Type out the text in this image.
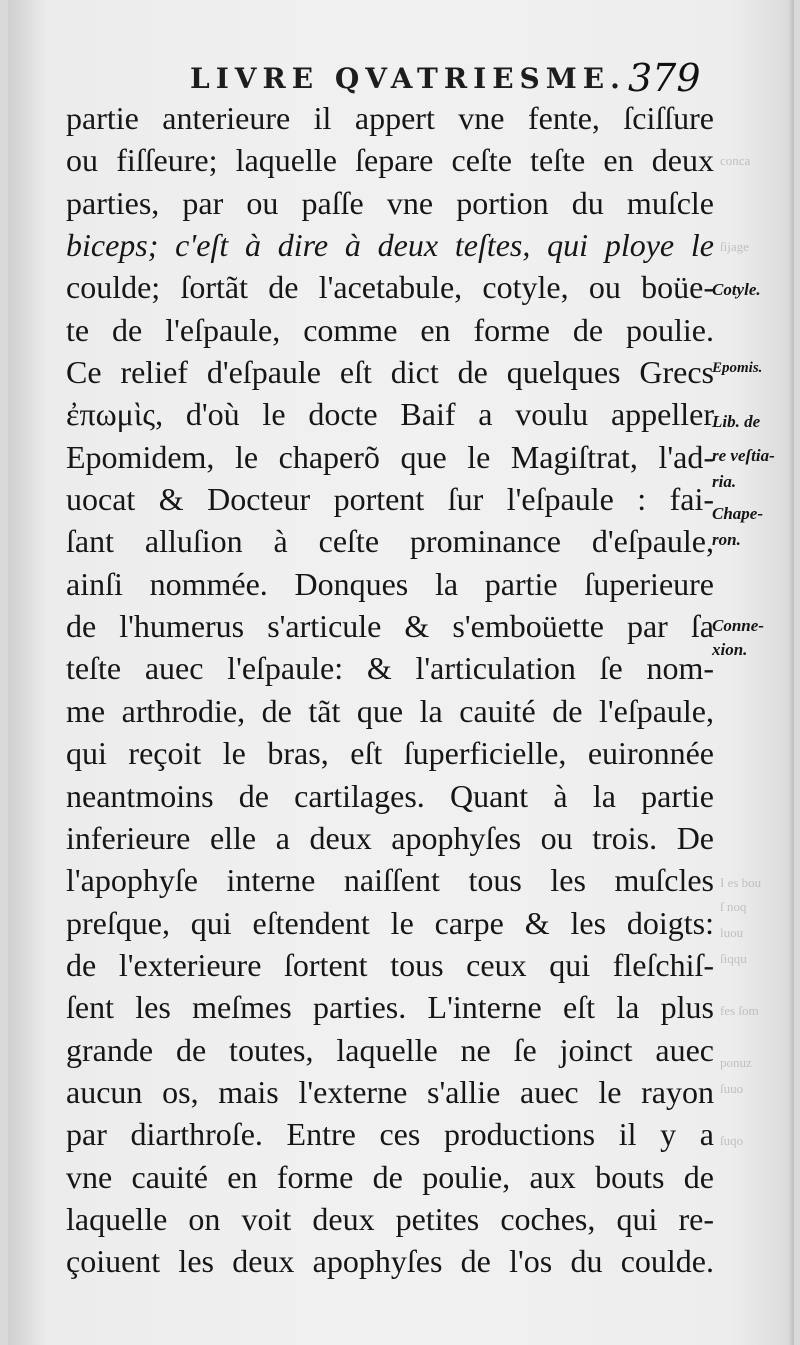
LIVRE QVATRIESME. 379
partie anterieure il appert vne fente, ſciſſure
ou fiſſeure; laquelle ſepare ceſte teſte en deux
parties, par ou paſſe vne portion du muſcle
biceps; c'eſt à dire à deux teſtes, qui ploye le
coulde; ſortãt de l'acetabule, cotyle, ou boüe-
te de l'eſpaule, comme en forme de poulie.
Ce relief d'eſpaule eſt dict de quelques Grecs
ἐπωμὶς, d'où le docte Baif a voulu appeller
Epomidem, le chaperõ que le Magiſtrat, l'ad-
uocat & Docteur portent ſur l'eſpaule : fai-
ſant alluſion à ceſte prominance d'eſpaule,
ainſi nommée. Donques la partie ſuperieure
de l'humerus s'articule & s'emboüette par ſa
teſte auec l'eſpaule: & l'articulation ſe nom-
me arthrodie, de tãt que la cauité de l'eſpaule,
qui reçoit le bras, eſt ſuperficielle, euironnée
neantmoins de cartilages. Quant à la partie
inferieure elle a deux apophyſes ou trois. De
l'apophyſe interne naiſſent tous les muſcles
preſque, qui eſtendent le carpe & les doigts:
de l'exterieure ſortent tous ceux qui fleſchiſ-
ſent les meſmes parties. L'interne eſt la plus
grande de toutes, laquelle ne ſe joinct auec
aucun os, mais l'externe s'allie auec le rayon
par diarthroſe. Entre ces productions il y a
vne cauité en forme de poulie, aux bouts de
laquelle on voit deux petites coches, qui re-
çoiuent les deux apophyſes de l'os du coulde.
Cotyle.
Epomis.
Lib. de
re veſtia-
ria.
Chape-
ron.
Conne-
xion.
conca
ſijage
I es bou
ſ noq
luou
ſiqqu
fes ſom
ponuz
ſuuo
ſuqo
